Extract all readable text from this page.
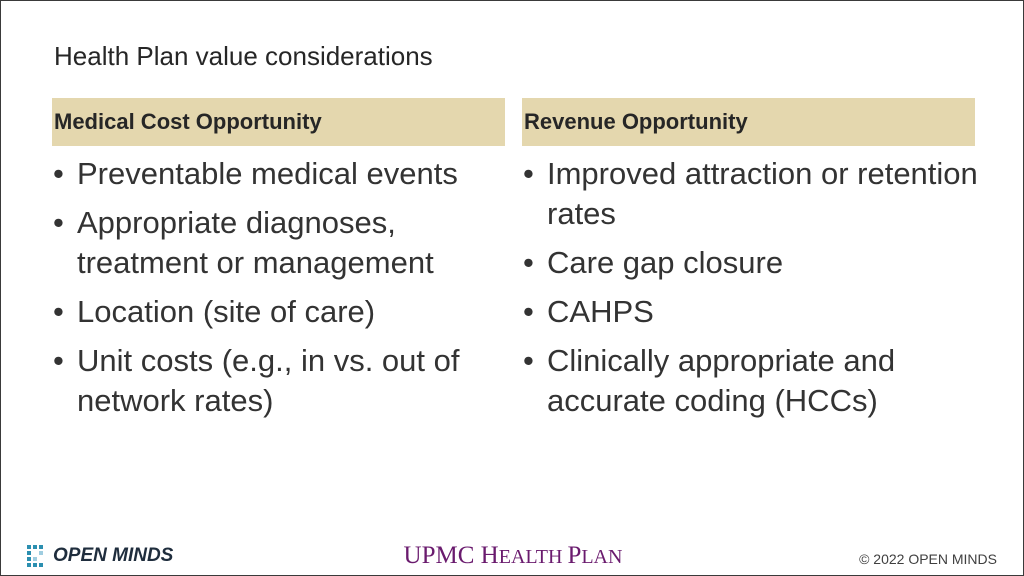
Health Plan value considerations
Medical Cost Opportunity	Revenue Opportunity
• Preventable medical events
• Appropriate diagnoses, treatment or management
• Location (site of care)
• Unit costs (e.g., in vs. out of network rates)
• Improved attraction or retention rates
• Care gap closure
• CAHPS
• Clinically appropriate and accurate coding (HCCs)
OPEN MINDS	UPMC HEALTH PLAN	© 2022 OPEN MINDS
